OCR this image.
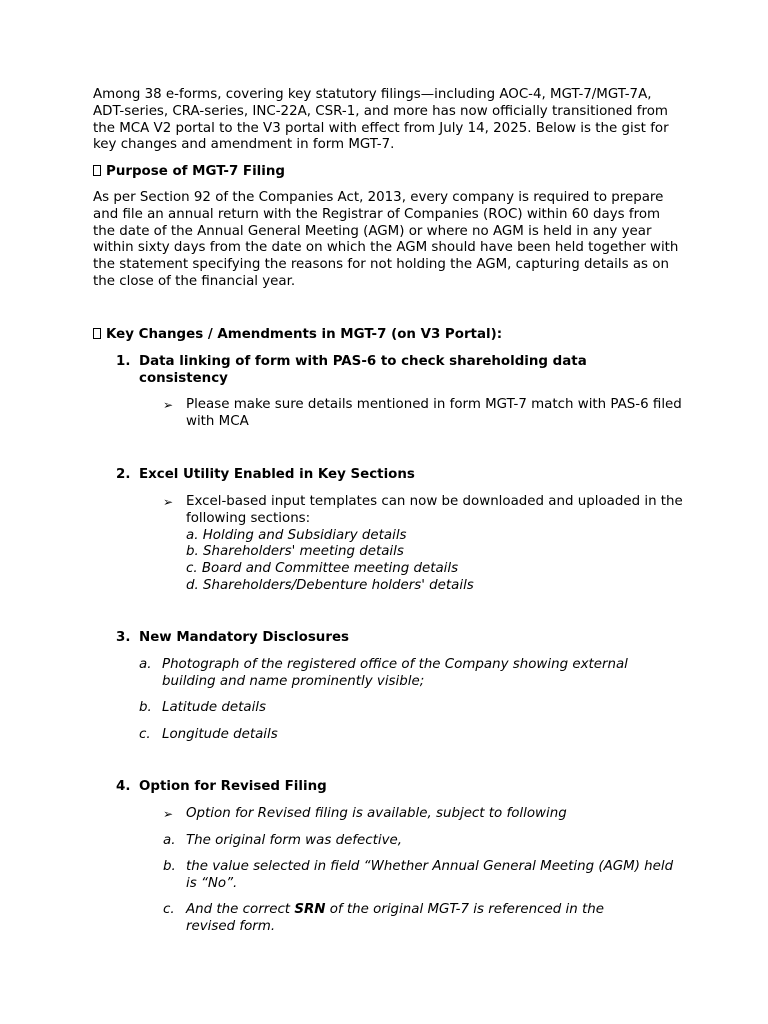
Among 38 e-forms, covering key statutory filings—including AOC-4, MGT-7/MGT-7A, ADT-series, CRA-series, INC-22A, CSR-1, and more has now officially transitioned from the MCA V2 portal to the V3 portal with effect from July 14, 2025. Below is the gist for key changes and amendment in form MGT-7.

Purpose of MGT-7 Filing

As per Section 92 of the Companies Act, 2013, every company is required to prepare and file an annual return with the Registrar of Companies (ROC) within 60 days from the date of the Annual General Meeting (AGM) or where no AGM is held in any year within sixty days from the date on which the AGM should have been held together with the statement specifying the reasons for not holding the AGM, capturing details as on the close of the financial year.

Key Changes / Amendments in MGT-7 (on V3 Portal):

1. Data linking of form with PAS-6 to check shareholding data consistency

➢ Please make sure details mentioned in form MGT-7 match with PAS-6 filed with MCA

2. Excel Utility Enabled in Key Sections

➢ Excel-based input templates can now be downloaded and uploaded in the following sections:
a. Holding and Subsidiary details
b. Shareholders' meeting details
c. Board and Committee meeting details
d. Shareholders/Debenture holders' details

3. New Mandatory Disclosures

a. Photograph of the registered office of the Company showing external building and name prominently visible;

b. Latitude details

c. Longitude details

4. Option for Revised Filing

➢ Option for Revised filing is available, subject to following

a. The original form was defective,

b. the value selected in field “Whether Annual General Meeting (AGM) held is “No”.

c. And the correct SRN of the original MGT-7 is referenced in the revised form.
